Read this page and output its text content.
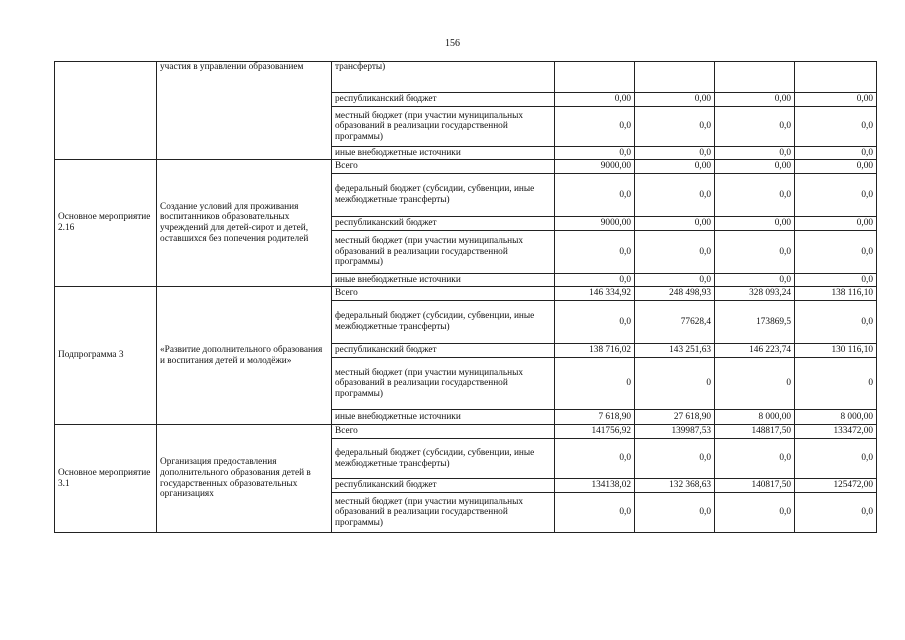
156
	участия в управлении образованием	трансферты)				
		республиканский бюджет	0,00	0,00	0,00	0,00
		местный бюджет (при участии муниципальных образований в реализации государственной программы)	0,0	0,0	0,0	0,0
		иные внебюджетные источники	0,0	0,0	0,0	0,0
Основное мероприятие 2.16	Создание условий для проживания воспитанников образовательных учреждений для детей-сирот и детей, оставшихся без попечения родителей	Всего	9000,00	0,00	0,00	0,00
		федеральный бюджет (субсидии, субвенции, иные межбюджетные трансферты)	0,0	0,0	0,0	0,0
		республиканский бюджет	9000,00	0,00	0,00	0,00
		местный бюджет (при участии муниципальных образований в реализации государственной программы)	0,0	0,0	0,0	0,0
		иные внебюджетные источники	0,0	0,0	0,0	0,0
Подпрограмма 3	«Развитие дополнительного образования и воспитания детей и молодёжи»	Всего	146 334,92	248 498,93	328 093,24	138 116,10
		федеральный бюджет (субсидии, субвенции, иные межбюджетные трансферты)	0,0	77628,4	173869,5	0,0
		республиканский бюджет	138 716,02	143 251,63	146 223,74	130 116,10
		местный бюджет (при участии муниципальных образований в реализации государственной программы)	0	0	0	0
		иные внебюджетные источники	7 618,90	27 618,90	8 000,00	8 000,00
Основное мероприятие 3.1	Организация предоставления дополнительного образования детей в государственных образовательных организациях	Всего	141756,92	139987,53	148817,50	133472,00
		федеральный бюджет (субсидии, субвенции, иные межбюджетные трансферты)	0,0	0,0	0,0	0,0
		республиканский бюджет	134138,02	132 368,63	140817,50	125472,00
		местный бюджет (при участии муниципальных образований в реализации государственной программы)	0,0	0,0	0,0	0,0
